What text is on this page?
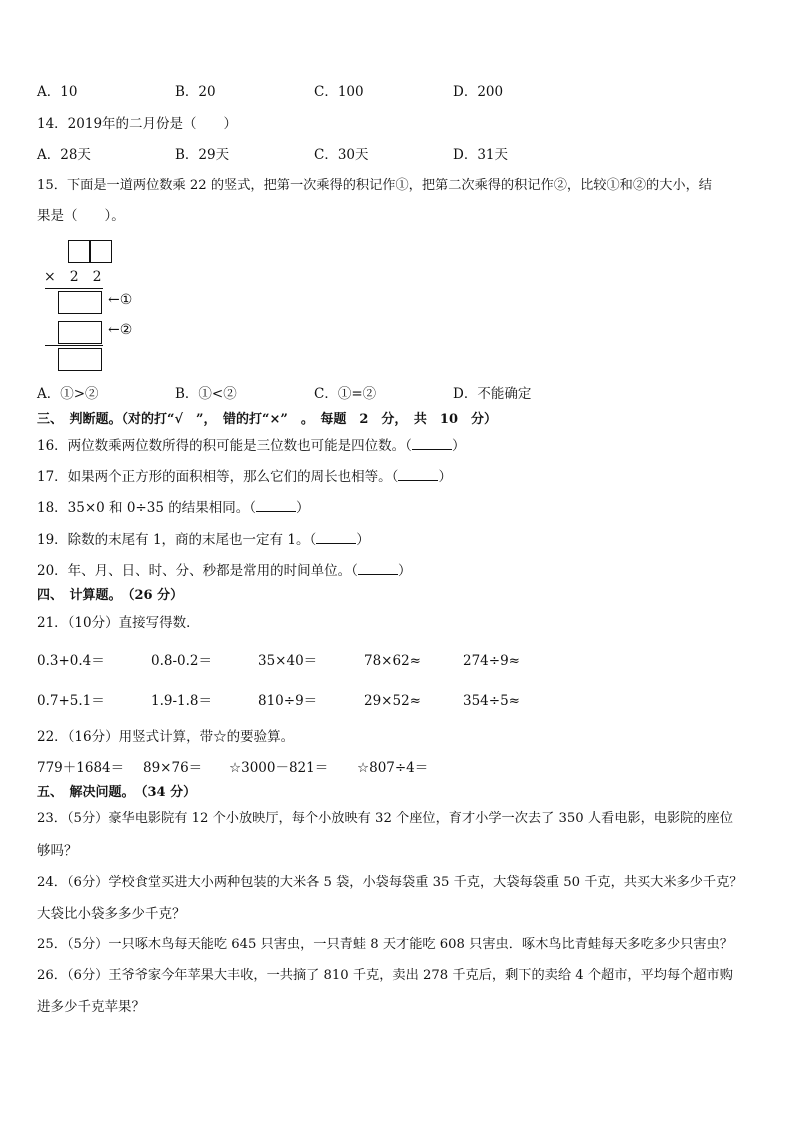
A．10	B．20	C．100	D．200
14．2019年的二月份是（　　）
A．28天	B．29天	C．30天	D．31天
15．下面是一道两位数乘 22 的竖式，把第一次乘得的积记作①，把第二次乘得的积记作②，比较①和②的大小，结
果是（　　）。
×　2　2
←①
←②
A．①>②	B．①<②	C．①=②	D．不能确定
三、　判断题。（对的打“√　”，　错的打“×”　。　每题　2　分，　共　10　分）
16．两位数乘两位数所得的积可能是三位数也可能是四位数。（	）
17．如果两个正方形的面积相等，那么它们的周长也相等。（	）
18．35×0 和 0÷35 的结果相同。（	）
19．除数的末尾有 1，商的末尾也一定有 1。（	）
20．年、月、日、时、分、秒都是常用的时间单位。（	）
四、　计算题。　（26 分）
21．（10分）直接写得数．
0.3+0.4＝	0.8-0.2＝	35×40＝	78×62≈	274÷9≈
0.7+5.1＝	1.9-1.8＝	810÷9＝	29×52≈	354÷5≈
22．（16分）用竖式计算，带☆的要验算。
779＋1684＝ 89×76＝ ☆3000－821＝ ☆807÷4＝
五、　解决问题。　（34 分）
23．（5分）豪华电影院有 12 个小放映厅，每个小放映有 32 个座位，育才小学一次去了 350 人看电影，电影院的座位
够吗？
24．（6分）学校食堂买进大小两种包装的大米各 5 袋，小袋每袋重 35 千克，大袋每袋重 50 千克，共买大米多少千克？
大袋比小袋多多少千克？
25．（5分）一只啄木鸟每天能吃 645 只害虫，一只青蛙 8 天才能吃 608 只害虫．啄木鸟比青蛙每天多吃多少只害虫？
26．（6分）王爷爷家今年苹果大丰收，一共摘了 810 千克，卖出 278 千克后，剩下的卖给 4 个超市，平均每个超市购
进多少千克苹果？
